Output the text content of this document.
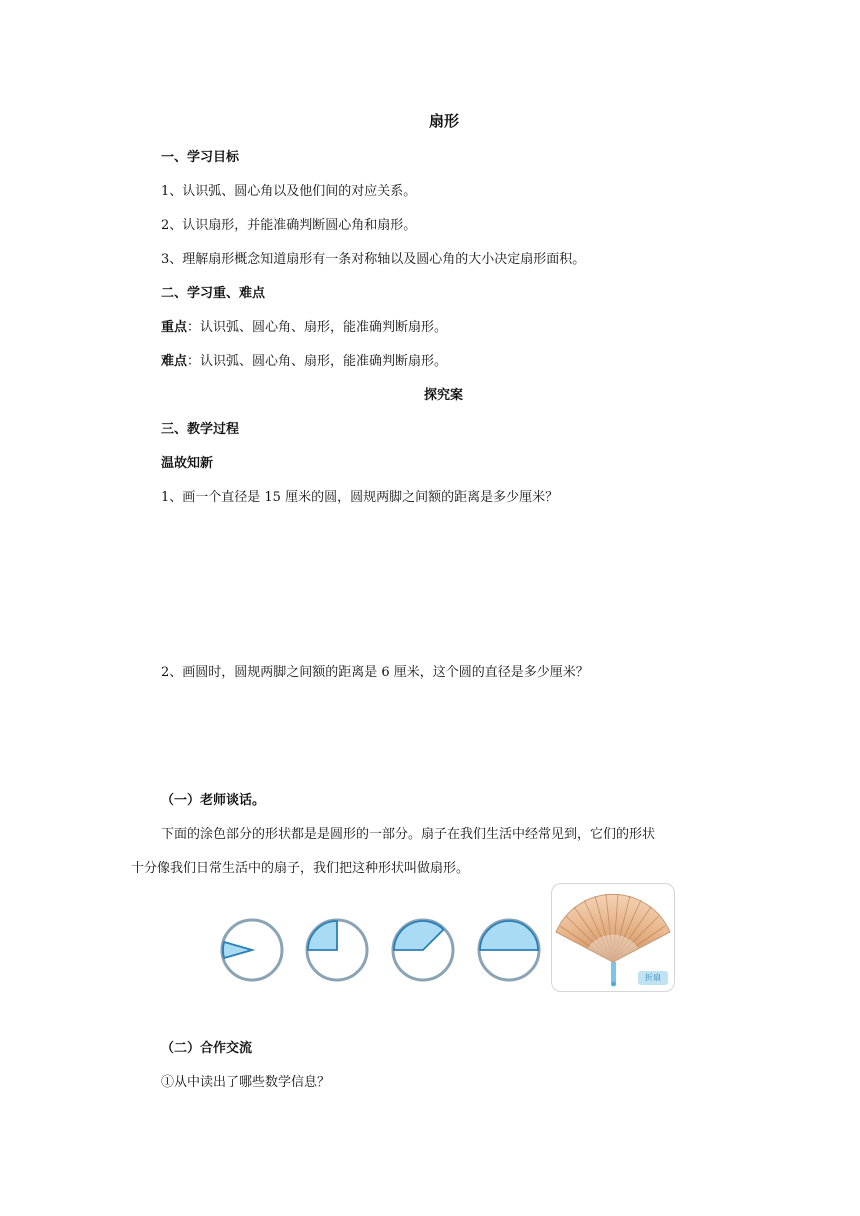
扇形
一、学习目标
1、认识弧、圆心角以及他们间的对应关系。
2、认识扇形，并能准确判断圆心角和扇形。
3、理解扇形概念知道扇形有一条对称轴以及圆心角的大小决定扇形面积。
二、学习重、难点
重点：认识弧、圆心角、扇形，能准确判断扇形。
难点：认识弧、圆心角、扇形，能准确判断扇形。
探究案
三、教学过程
温故知新
1、画一个直径是 15 厘米的圆，圆规两脚之间额的距离是多少厘米？
2、画圆时，圆规两脚之间额的距离是 6 厘米，这个圆的直径是多少厘米？
（一）老师谈话。
下面的涂色部分的形状都是是圆形的一部分。扇子在我们生活中经常见到，它们的形状
十分像我们日常生活中的扇子，我们把这种形状叫做扇形。
折扇
（二）合作交流
①从中读出了哪些数学信息？
